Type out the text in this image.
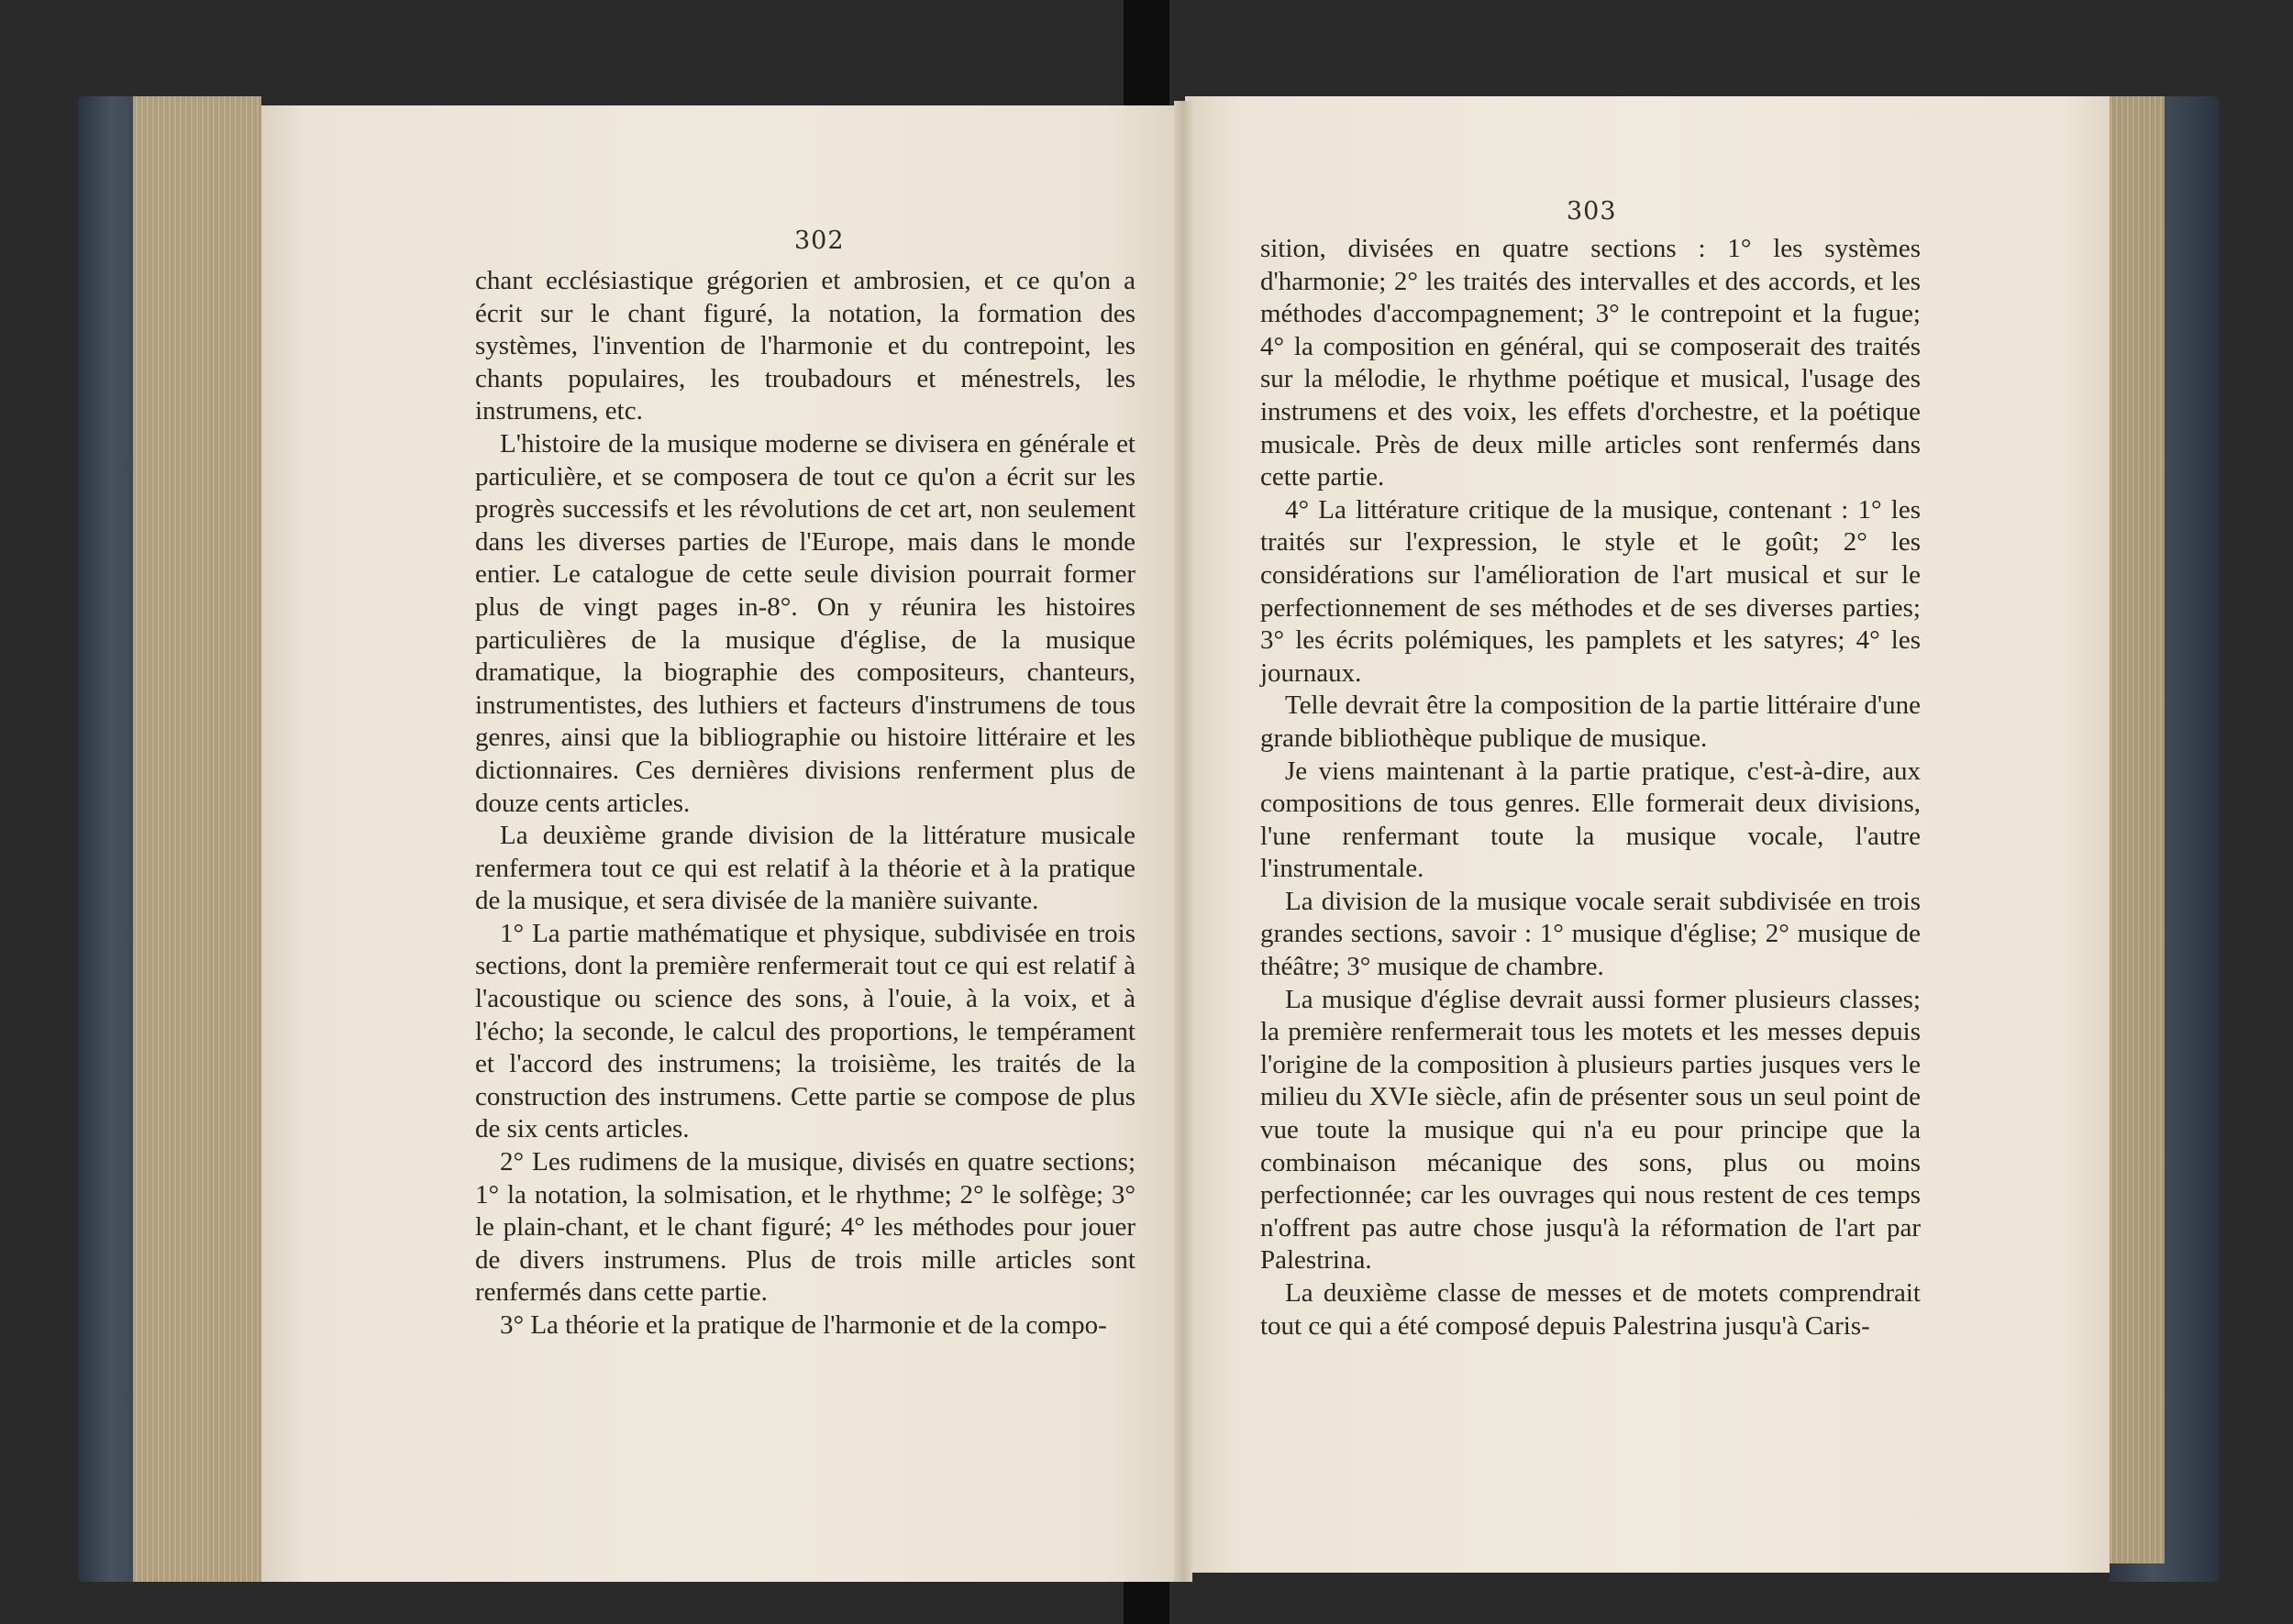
302
303

chant ecclésiastique grégorien et ambrosien, et ce qu'on a écrit sur le chant figuré, la notation, la formation des systèmes, l'invention de l'harmonie et du contrepoint, les chants populaires, les troubadours et ménestrels, les instrumens, etc.

L'histoire de la musique moderne se divisera en générale et particulière, et se composera de tout ce qu'on a écrit sur les progrès successifs et les révolutions de cet art, non seulement dans les diverses parties de l'Europe, mais dans le monde entier. Le catalogue de cette seule division pourrait former plus de vingt pages in-8°. On y réunira les histoires particulières de la musique d'église, de la musique dramatique, la biographie des compositeurs, chanteurs, instrumentistes, des luthiers et facteurs d'instrumens de tous genres, ainsi que la bibliographie ou histoire littéraire et les dictionnaires. Ces dernières divisions renferment plus de douze cents articles.

La deuxième grande division de la littérature musicale renfermera tout ce qui est relatif à la théorie et à la pratique de la musique, et sera divisée de la manière suivante.

1° La partie mathématique et physique, subdivisée en trois sections, dont la première renfermerait tout ce qui est relatif à l'acoustique ou science des sons, à l'ouie, à la voix, et à l'écho; la seconde, le calcul des proportions, le tempérament et l'accord des instrumens; la troisième, les traités de la construction des instrumens. Cette partie se compose de plus de six cents articles.

2° Les rudimens de la musique, divisés en quatre sections; 1° la notation, la solmisation, et le rhythme; 2° le solfège; 3° le plain-chant, et le chant figuré; 4° les méthodes pour jouer de divers instrumens. Plus de trois mille articles sont renfermés dans cette partie.

3° La théorie et la pratique de l'harmonie et de la compo-

sition, divisées en quatre sections : 1° les systèmes d'harmonie; 2° les traités des intervalles et des accords, et les méthodes d'accompagnement; 3° le contrepoint et la fugue; 4° la composition en général, qui se composerait des traités sur la mélodie, le rhythme poétique et musical, l'usage des instrumens et des voix, les effets d'orchestre, et la poétique musicale. Près de deux mille articles sont renfermés dans cette partie.

4° La littérature critique de la musique, contenant : 1° les traités sur l'expression, le style et le goût; 2° les considérations sur l'amélioration de l'art musical et sur le perfectionnement de ses méthodes et de ses diverses parties; 3° les écrits polémiques, les pamplets et les satyres; 4° les journaux.

Telle devrait être la composition de la partie littéraire d'une grande bibliothèque publique de musique.

Je viens maintenant à la partie pratique, c'est-à-dire, aux compositions de tous genres. Elle formerait deux divisions, l'une renfermant toute la musique vocale, l'autre l'instrumentale.

La division de la musique vocale serait subdivisée en trois grandes sections, savoir : 1° musique d'église; 2° musique de théâtre; 3° musique de chambre.

La musique d'église devrait aussi former plusieurs classes; la première renfermerait tous les motets et les messes depuis l'origine de la composition à plusieurs parties jusques vers le milieu du XVIe siècle, afin de présenter sous un seul point de vue toute la musique qui n'a eu pour principe que la combinaison mécanique des sons, plus ou moins perfectionnée; car les ouvrages qui nous restent de ces temps n'offrent pas autre chose jusqu'à la réformation de l'art par Palestrina.

La deuxième classe de messes et de motets comprendrait tout ce qui a été composé depuis Palestrina jusqu'à Caris-
